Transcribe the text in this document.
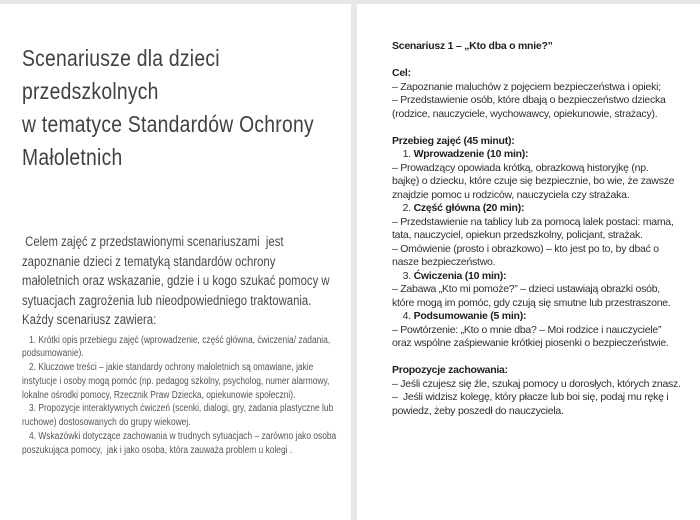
Scenariusze dla dzieci
przedszkolnych
w tematyce Standardów Ochrony
Małoletnich
Celem zajęć z przedstawionymi scenariuszami  jest
zapoznanie dzieci z tematyką standardów ochrony
małoletnich oraz wskazanie, gdzie i u kogo szukać pomocy w
sytuacjach zagrożenia lub nieodpowiedniego traktowania.
Każdy scenariusz zawiera:
1. Krótki opis przebiegu zajęć (wprowadzenie, część główna, ćwiczenia/ zadania,
podsumowanie).
2. Kluczowe treści – jakie standardy ochrony małoletnich są omawiane, jakie
instytucje i osoby mogą pomóc (np. pedagog szkolny, psycholog, numer alarmowy,
lokalne ośrodki pomocy, Rzecznik Praw Dziecka, opiekunowie społeczni).
3. Propozycje interaktywnych ćwiczeń (scenki, dialogi, gry, zadania plastyczne lub
ruchowe) dostosowanych do grupy wiekowej.
4. Wskazówki dotyczące zachowania w trudnych sytuacjach – zarówno jako osoba
poszukująca pomocy,  jak i jako osoba, która zauważa problem u kolegi .
Scenariusz 1 – „Kto dba o mnie?”

Cel:
– Zapoznanie maluchów z pojęciem bezpieczeństwa i opieki;
– Przedstawienie osób, które dbają o bezpieczeństwo dziecka
(rodzice, nauczyciele, wychowawcy, opiekunowie, strażacy).

Przebieg zajęć (45 minut):
1. Wprowadzenie (10 min):
– Prowadzący opowiada krótką, obrazkową historyjkę (np.
bajkę) o dziecku, które czuje się bezpiecznie, bo wie, że zawsze
znajdzie pomoc u rodziców, nauczyciela czy strażaka.
2. Część główna (20 min):
– Przedstawienie na tablicy lub za pomocą lalek postaci: mama,
tata, nauczyciel, opiekun przedszkolny, policjant, strażak.
– Omówienie (prosto i obrazkowo) – kto jest po to, by dbać o
nasze bezpieczeństwo.
3. Ćwiczenia (10 min):
– Zabawa „Kto mi pomoże?” – dzieci ustawiają obrazki osób,
które mogą im pomóc, gdy czują się smutne lub przestraszone.
4. Podsumowanie (5 min):
– Powtórzenie: „Kto o mnie dba? – Moi rodzice i nauczyciele”
oraz wspólne zaśpiewanie krótkiej piosenki o bezpieczeństwie.

Propozycje zachowania:
– Jeśli czujesz się źle, szukaj pomocy u dorosłych, których znasz.
–  Jeśli widzisz kolegę, który płacze lub boi się, podaj mu rękę i
powiedz, żeby poszedł do nauczyciela.
